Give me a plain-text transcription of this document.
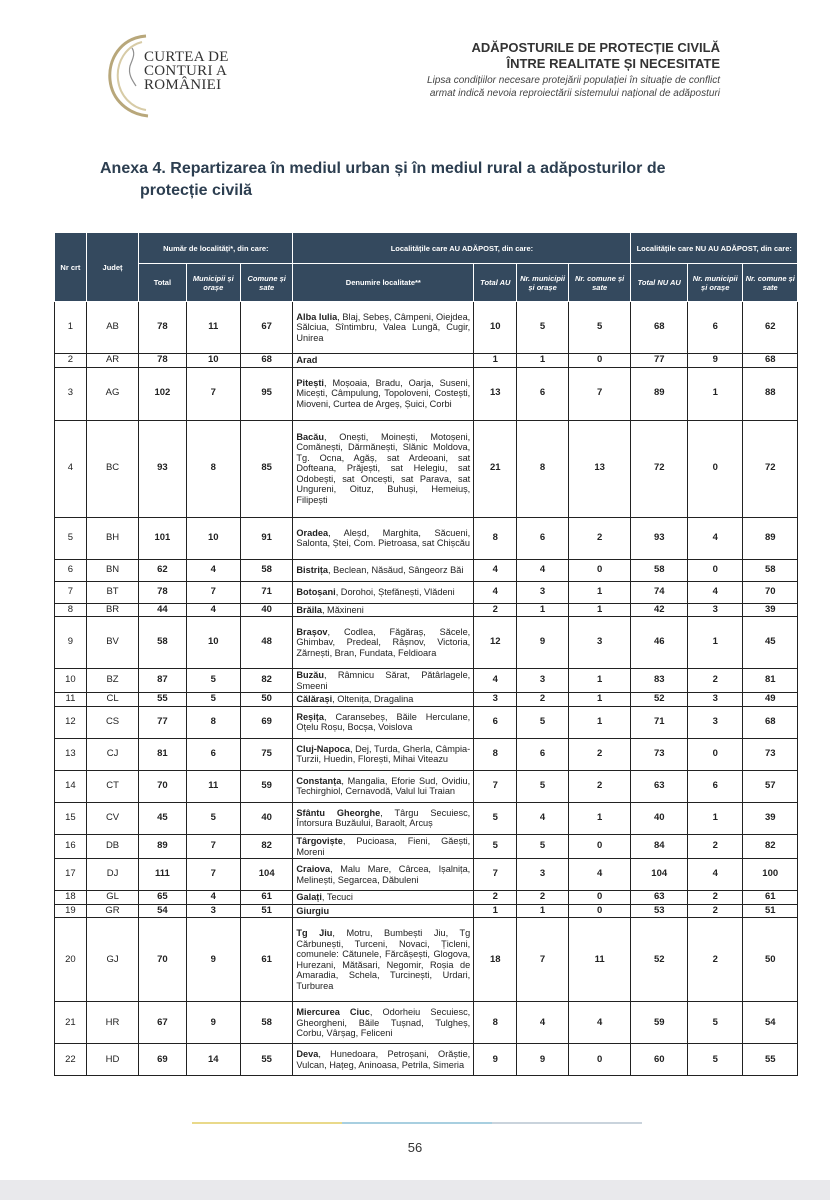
CURTEA DE
CONTURI A
ROMÂNIEI
ADĂPOSTURILE DE PROTECȚIE CIVILĂ
ÎNTRE REALITATE ȘI NECESITATE
Lipsa condițiilor necesare protejării populației în situație de conflict
armat indică nevoia reproiectării sistemului național de adăposturi
Anexa 4. Repartizarea în mediul urban și în mediul rural a adăposturilor de
protecție civilă
Nr crt	Județ	Număr de localități*, din care:			Localitățile care AU ADĂPOST, din care:				Localitățile care NU AU ADĂPOST, din care:		
		Total	Municipii și orașe	Comune și sate	Denumire localitate**	Total AU	Nr. municipii și orașe	Nr. comune și sate	Total NU AU	Nr. municipii și orașe	Nr. comune și sate
1	AB	78	11	67	Alba Iulia, Blaj, Sebeș, Câmpeni, Oiejdea, Sălciua, Sîntimbru, Valea Lungă, Cugir, Unirea	10	5	5	68	6	62
2	AR	78	10	68	Arad	1	1	0	77	9	68
3	AG	102	7	95	Pitești, Moșoaia, Bradu, Oarja, Suseni, Micești, Câmpulung, Topoloveni, Costești, Mioveni, Curtea de Argeș, Șuici, Corbi	13	6	7	89	1	88
4	BC	93	8	85	Bacău, Onești, Moinești, Motoșeni, Comănești, Dărmănești, Slănic Moldova, Tg. Ocna, Agăș, sat Ardeoani, sat Dofteana, Prăjești, sat Helegiu, sat Odobești, sat Oncești, sat Parava, sat Ungureni, Oituz, Buhuși, Hemeiuș, Filipești	21	8	13	72	0	72
5	BH	101	10	91	Oradea, Aleșd, Marghita, Săcueni, Salonta, Ștei, Com. Pietroasa, sat Chișcău	8	6	2	93	4	89
6	BN	62	4	58	Bistrița, Beclean, Năsăud, Sângeorz Băi	4	4	0	58	0	58
7	BT	78	7	71	Botoșani, Dorohoi, Ștefănești, Vlădeni	4	3	1	74	4	70
8	BR	44	4	40	Brăila, Măxineni	2	1	1	42	3	39
9	BV	58	10	48	Brașov, Codlea, Făgăraș, Săcele, Ghimbav, Predeal, Râșnov, Victoria, Zărnești, Bran, Fundata, Feldioara	12	9	3	46	1	45
10	BZ	87	5	82	Buzău, Râmnicu Sărat, Pătârlagele, Smeeni	4	3	1	83	2	81
11	CL	55	5	50	Călărași, Oltenița, Dragalina	3	2	1	52	3	49
12	CS	77	8	69	Reșița, Caransebeș, Băile Herculane, Oțelu Roșu, Bocșa, Voislova	6	5	1	71	3	68
13	CJ	81	6	75	Cluj-Napoca, Dej, Turda, Gherla, Câmpia-Turzii, Huedin, Florești, Mihai Viteazu	8	6	2	73	0	73
14	CT	70	11	59	Constanța, Mangalia, Eforie Sud, Ovidiu, Techirghiol, Cernavodă, Valul lui Traian	7	5	2	63	6	57
15	CV	45	5	40	Sfântu Gheorghe, Târgu Secuiesc, Întorsura Buzăului, Baraolt, Arcuș	5	4	1	40	1	39
16	DB	89	7	82	Târgoviște, Pucioasa, Fieni, Găești, Moreni	5	5	0	84	2	82
17	DJ	111	7	104	Craiova, Malu Mare, Cârcea, Ișalnița, Melinești, Segarcea, Dăbuleni	7	3	4	104	4	100
18	GL	65	4	61	Galați, Tecuci	2	2	0	63	2	61
19	GR	54	3	51	Giurgiu	1	1	0	53	2	51
20	GJ	70	9	61	Tg Jiu, Motru, Bumbești Jiu, Tg Cărbunești, Turceni, Novaci, Țicleni, comunele: Cătunele, Fărcășești, Glogova, Hurezani, Mătăsari, Negomir, Roșia de Amaradia, Schela, Turcinești, Urdari, Turburea	18	7	11	52	2	50
21	HR	67	9	58	Miercurea Ciuc, Odorheiu Secuiesc, Gheorgheni, Băile Tușnad, Tulgheș, Corbu, Vârșag, Feliceni	8	4	4	59	5	54
22	HD	69	14	55	Deva, Hunedoara, Petroșani, Orăștie, Vulcan, Hațeg, Aninoasa, Petrila, Simeria	9	9	0	60	5	55
56
